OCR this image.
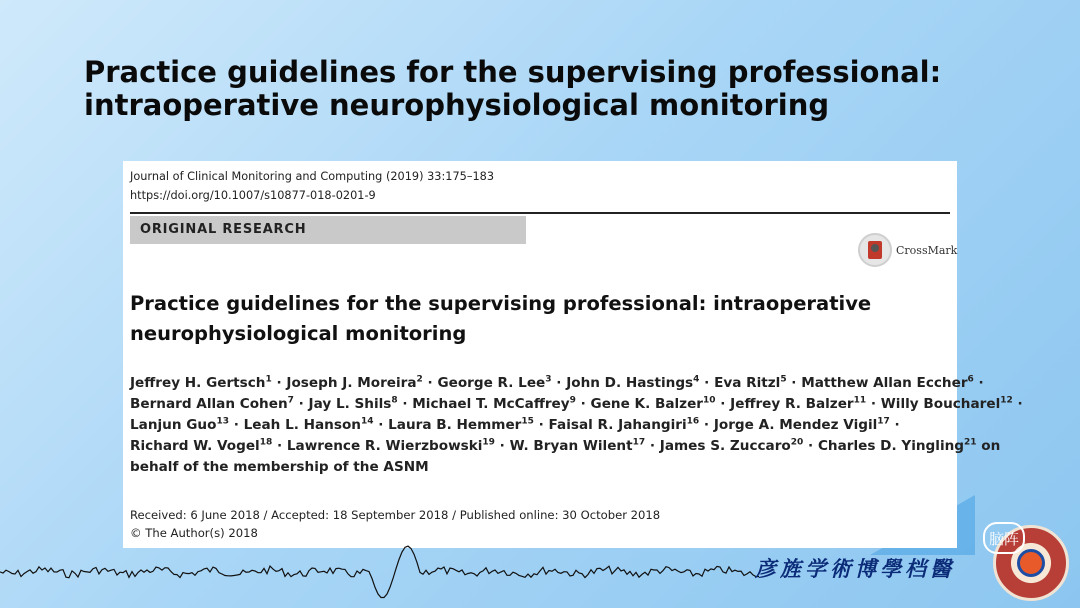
Practice guidelines for the supervising professional:
intraoperative neurophysiological monitoring
Journal of Clinical Monitoring and Computing (2019) 33:175–183
https://doi.org/10.1007/s10877-018-0201-9
ORIGINAL RESEARCH
CrossMark
Practice guidelines for the supervising professional: intraoperative
neurophysiological monitoring
Jeffrey H. Gertsch$^1$ · Joseph J. Moreira$^2$ · George R. Lee$^3$ · John D. Hastings$^4$ · Eva Ritzl$^5$ · Matthew Allan Eccher$^6$ ·
Bernard Allan Cohen$^7$ · Jay L. Shils$^8$ · Michael T. McCaffrey$^9$ · Gene K. Balzer$^{10}$ · Jeffrey R. Balzer$^{11}$ · Willy Boucharel$^{12}$ ·
Lanjun Guo$^{13}$ · Leah L. Hanson$^{14}$ · Laura B. Hemmer$^{15}$ · Faisal R. Jahangiri$^{16}$ · Jorge A. Mendez Vigil$^{17}$ ·
Richard W. Vogel$^{18}$ · Lawrence R. Wierzbowski$^{19}$ · W. Bryan Wilent$^{17}$ · James S. Zuccaro$^{20}$ · Charles D. Yingling$^{21}$ on
behalf of the membership of the ASNM
Received: 6 June 2018 / Accepted: 18 September 2018 / Published online: 30 October 2018
© The Author(s) 2018
彦旌学術博學档醫
脑阵
